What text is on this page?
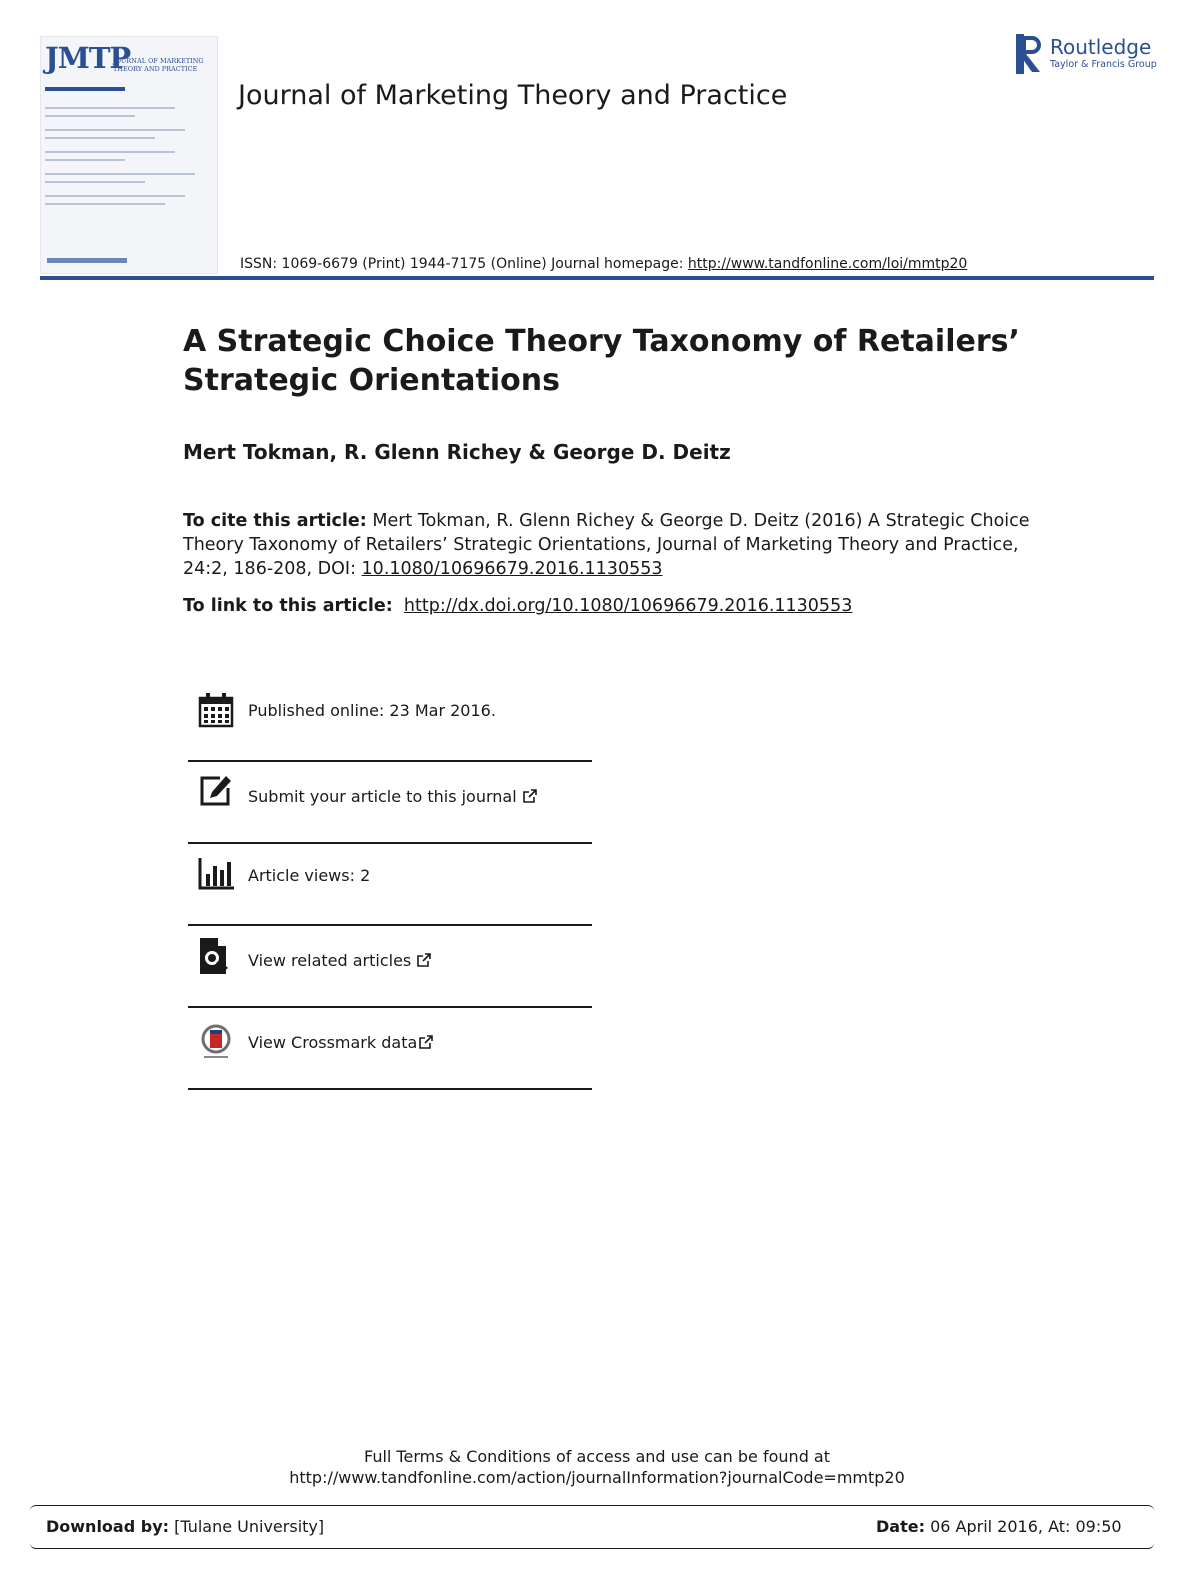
JMTP
JOURNAL OF MARKETING THEORY AND PRACTICE
Journal of Marketing Theory and Practice
Routledge
Taylor & Francis Group
ISSN: 1069-6679 (Print) 1944-7175 (Online) Journal homepage: http://www.tandfonline.com/loi/mmtp20
A Strategic Choice Theory Taxonomy of Retailers’ Strategic Orientations
Mert Tokman, R. Glenn Richey & George D. Deitz
To cite this article: Mert Tokman, R. Glenn Richey & George D. Deitz (2016) A Strategic Choice Theory Taxonomy of Retailers’ Strategic Orientations, Journal of Marketing Theory and Practice, 24:2, 186-208, DOI: 10.1080/10696679.2016.1130553
To link to this article: http://dx.doi.org/10.1080/10696679.2016.1130553
Published online: 23 Mar 2016.
Submit your article to this journal
Article views: 2
View related articles
View Crossmark data
Full Terms & Conditions of access and use can be found at
http://www.tandfonline.com/action/journalInformation?journalCode=mmtp20
Download by: [Tulane University]	Date: 06 April 2016, At: 09:50
